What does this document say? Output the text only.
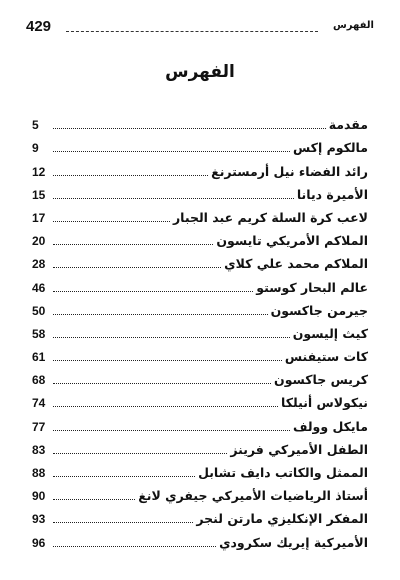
429	الفهرس
الفهرس
مقدمة
5
مالكوم إكس
9
رائد الفضاء نيل أرمسترنغ
12
الأميرة ديانا
15
لاعب كرة السلة كريم عبد الجبار
17
الملاكم الأمريكي تايسون
20
الملاكم محمد علي كلاي
28
عالم البحار كوستو
46
جيرمن جاكسون
50
كيث إليسون
58
كات ستيفنس
61
كريس جاكسون
68
نيكولاس أنيلكا
74
مايكل وولف
77
الطفل الأميركي فرينز
83
الممثل والكاتب دايف تشابل
88
أستاذ الرياضيات الأميركي جيفري لانغ
90
المفكر الإنكليزي مارتن لنجر
93
الأميركية إيريك سكرودي
96
